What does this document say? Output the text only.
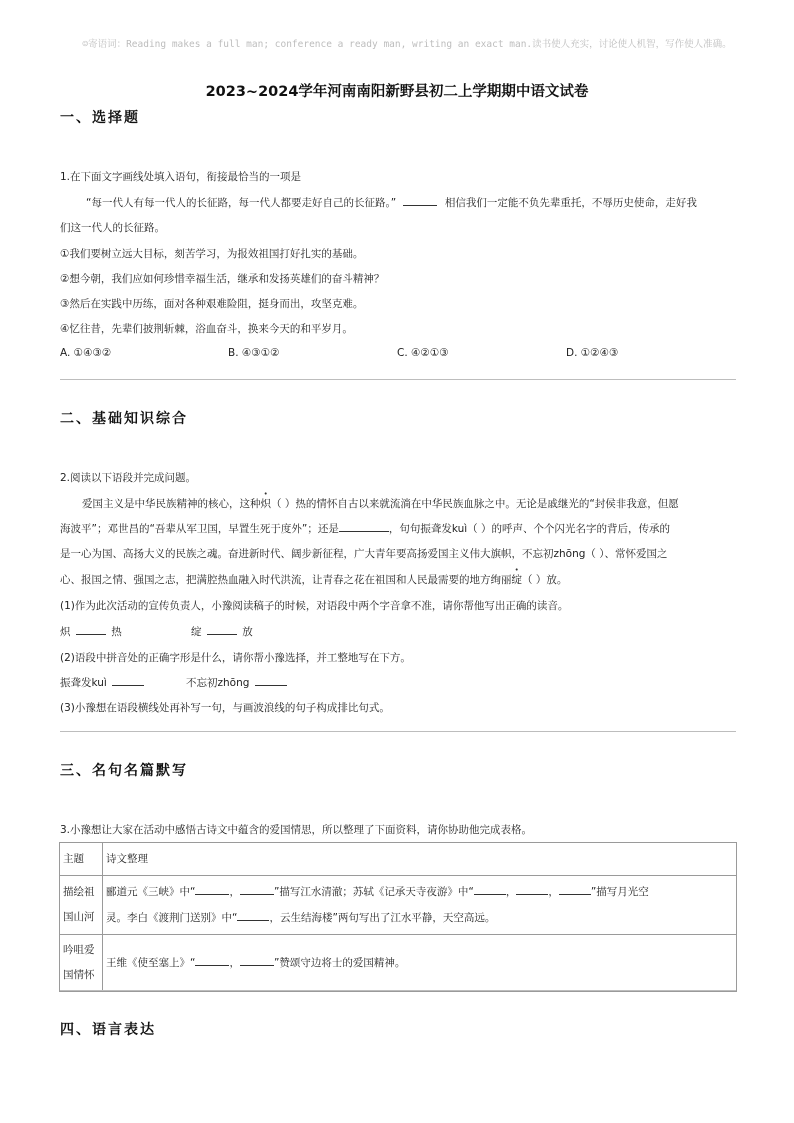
☺寄语词：Reading makes a full man; conference a ready man, writing an exact man.读书使人充实，讨论使人机智，写作使人准确。
2023~2024学年河南南阳新野县初二上学期期中语文试卷
一、选择题
1.在下面文字画线处填入语句，衔接最恰当的一项是
“每一代人有每一代人的长征路，每一代人都要走好自己的长征路。”	相信我们一定能不负先辈重托，不辱历史使命，走好我
们这一代人的长征路。
①我们要树立远大目标，刻苦学习，为报效祖国打好扎实的基础。
②想今朝，我们应如何珍惜幸福生活，继承和发扬英雄们的奋斗精神？
③然后在实践中历练，面对各种艰难险阻，挺身而出，攻坚克难。
④忆往昔，先辈们披荆斩棘，浴血奋斗，换来今天的和平岁月。
A. ①④③②	B. ④③①②	C. ④②①③	D. ①②④③
二、基础知识综合
2.阅读以下语段并完成问题。
爱国主义是中华民族精神的核心，这种炽（ ）热的情怀自古以来就流淌在中华民族血脉之中。无论是戚继光的“封侯非我意，但愿
海波平”；邓世昌的“吾辈从军卫国，早置生死于度外”；还是	，句句振聋发kuì（ ）的呼声、个个闪光名字的背后，传承的
是一心为国、高扬大义的民族之魂。奋进新时代、阔步新征程，广大青年要高扬爱国主义伟大旗帜，不忘初zhōng（ ）、常怀爱国之
心、报国之情、强国之志，把满腔热血融入时代洪流，让青春之花在祖国和人民最需要的地方绚丽绽（ ）放。
(1)作为此次活动的宣传负责人，小豫阅读稿子的时候，对语段中两个字音拿不准，请你帮他写出正确的读音。
炽	热	绽	放
(2)语段中拼音处的正确字形是什么，请你帮小豫选择，并工整地写在下方。
振聋发kuì	不忘初zhōng
(3)小豫想在语段横线处再补写一句，与画波浪线的句子构成排比句式。
三、名句名篇默写
3.小豫想让大家在活动中感悟古诗文中蕴含的爱国情思，所以整理了下面资料，请你协助他完成表格。
主题	诗文整理
描绘祖国山河	郦道元《三峡》中“ ， ”描写江水清澈；苏轼《记承天寺夜游》中“ ， ， ”描写月光空
灵。李白《渡荆门送别》中“ ，云生结海楼”两句写出了江水平静，天空高远。
吟咀爱国情怀	王维《使至塞上》“ ， ”赞颂守边将士的爱国精神。
四、语言表达
